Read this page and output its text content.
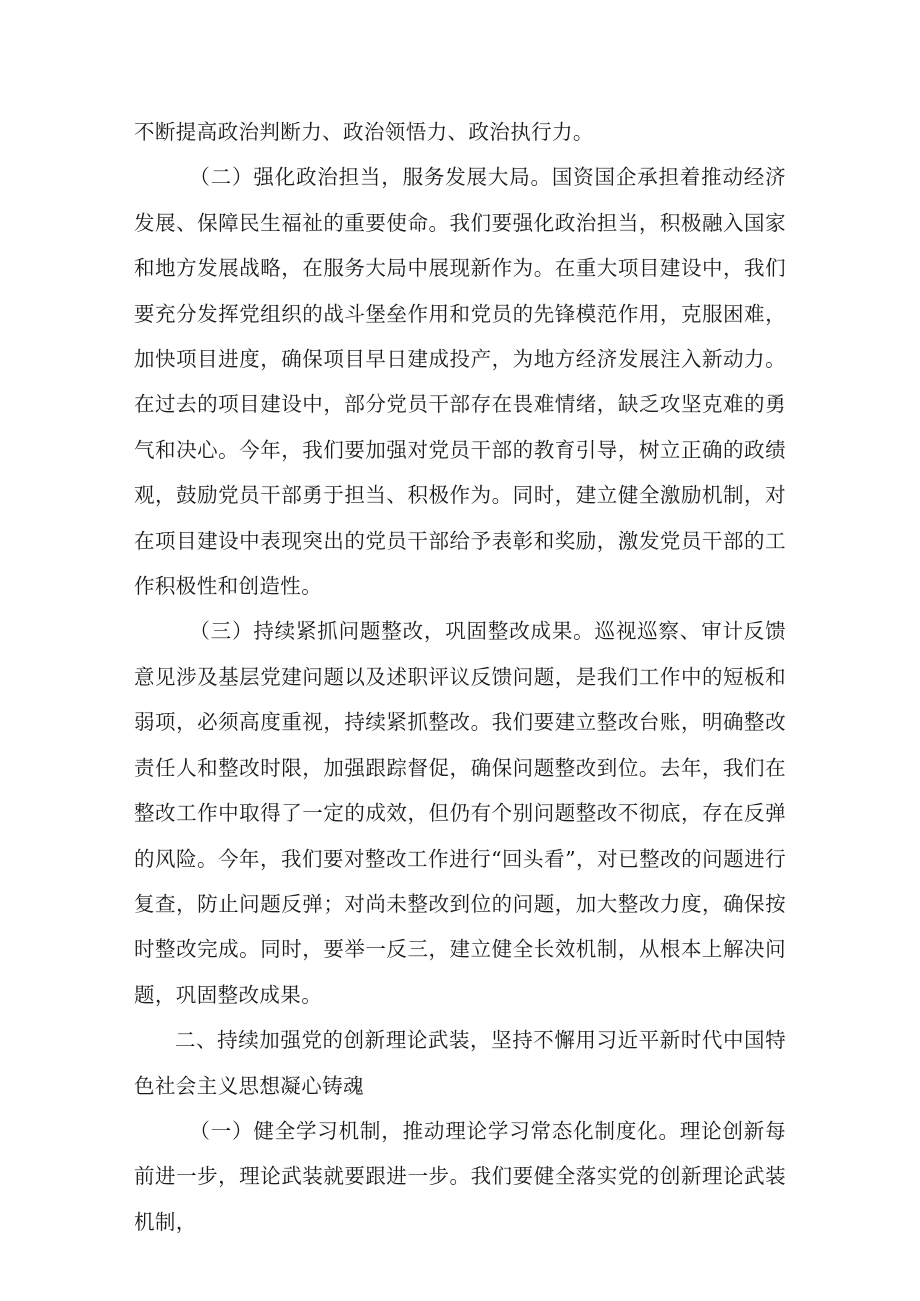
不断提高政治判断力、政治领悟力、政治执行力。

（二）强化政治担当，服务发展大局。国资国企承担着推动经济发展、保障民生福祉的重要使命。我们要强化政治担当，积极融入国家和地方发展战略，在服务大局中展现新作为。在重大项目建设中，我们要充分发挥党组织的战斗堡垒作用和党员的先锋模范作用，克服困难，加快项目进度，确保项目早日建成投产，为地方经济发展注入新动力。在过去的项目建设中，部分党员干部存在畏难情绪，缺乏攻坚克难的勇气和决心。今年，我们要加强对党员干部的教育引导，树立正确的政绩观，鼓励党员干部勇于担当、积极作为。同时，建立健全激励机制，对在项目建设中表现突出的党员干部给予表彰和奖励，激发党员干部的工作积极性和创造性。

（三）持续紧抓问题整改，巩固整改成果。巡视巡察、审计反馈意见涉及基层党建问题以及述职评议反馈问题，是我们工作中的短板和弱项，必须高度重视，持续紧抓整改。我们要建立整改台账，明确整改责任人和整改时限，加强跟踪督促，确保问题整改到位。去年，我们在整改工作中取得了一定的成效，但仍有个别问题整改不彻底，存在反弹的风险。今年，我们要对整改工作进行“回头看”，对已整改的问题进行复查，防止问题反弹；对尚未整改到位的问题，加大整改力度，确保按时整改完成。同时，要举一反三，建立健全长效机制，从根本上解决问题，巩固整改成果。

二、持续加强党的创新理论武装，坚持不懈用习近平新时代中国特色社会主义思想凝心铸魂

（一）健全学习机制，推动理论学习常态化制度化。理论创新每前进一步，理论武装就要跟进一步。我们要健全落实党的创新理论武装机制，
